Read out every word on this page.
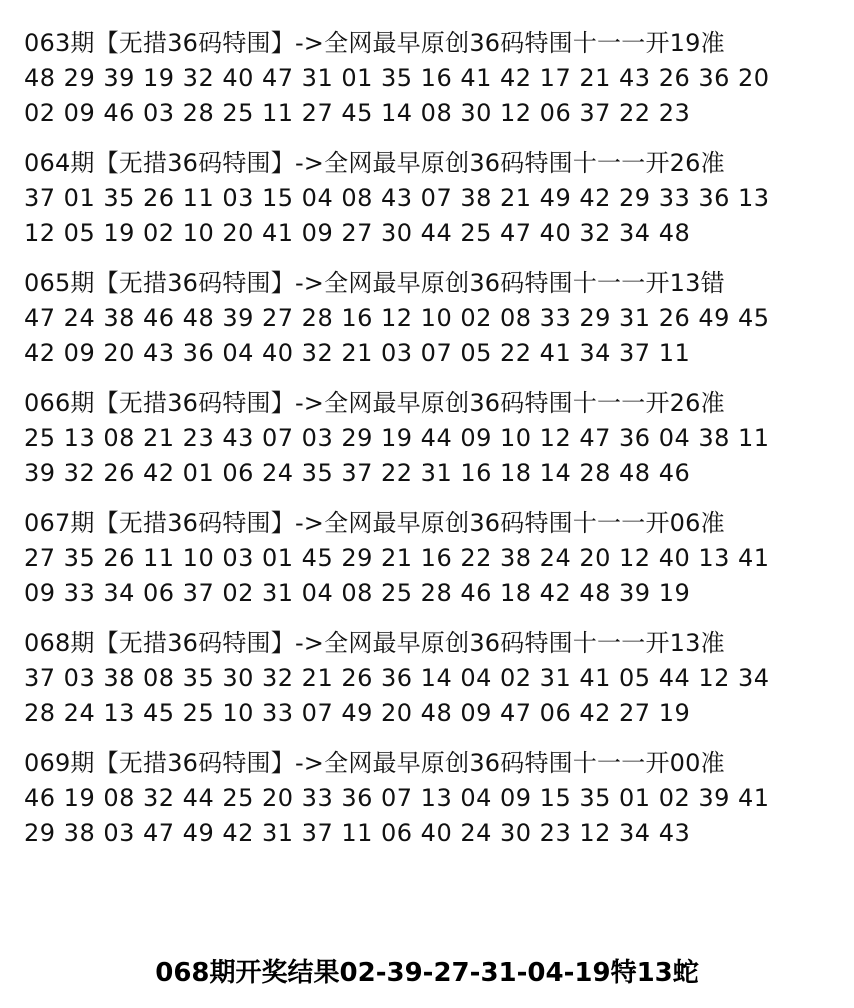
063期【无措36码特围】->全网最早原创36码特围十一一开19准
48 29 39 19 32 40 47 31 01 35 16 41 42 17 21 43 26 36 20
02 09 46 03 28 25 11 27 45 14 08 30 12 06 37 22 23
064期【无措36码特围】->全网最早原创36码特围十一一开26准
37 01 35 26 11 03 15 04 08 43 07 38 21 49 42 29 33 36 13
12 05 19 02 10 20 41 09 27 30 44 25 47 40 32 34 48
065期【无措36码特围】->全网最早原创36码特围十一一开13错
47 24 38 46 48 39 27 28 16 12 10 02 08 33 29 31 26 49 45
42 09 20 43 36 04 40 32 21 03 07 05 22 41 34 37 11
066期【无措36码特围】->全网最早原创36码特围十一一开26准
25 13 08 21 23 43 07 03 29 19 44 09 10 12 47 36 04 38 11
39 32 26 42 01 06 24 35 37 22 31 16 18 14 28 48 46
067期【无措36码特围】->全网最早原创36码特围十一一开06准
27 35 26 11 10 03 01 45 29 21 16 22 38 24 20 12 40 13 41
09 33 34 06 37 02 31 04 08 25 28 46 18 42 48 39 19
068期【无措36码特围】->全网最早原创36码特围十一一开13准
37 03 38 08 35 30 32 21 26 36 14 04 02 31 41 05 44 12 34
28 24 13 45 25 10 33 07 49 20 48 09 47 06 42 27 19
069期【无措36码特围】->全网最早原创36码特围十一一开00准
46 19 08 32 44 25 20 33 36 07 13 04 09 15 35 01 02 39 41
29 38 03 47 49 42 31 37 11 06 40 24 30 23 12 34 43
068期开奖结果02-39-27-31-04-19特13蛇
